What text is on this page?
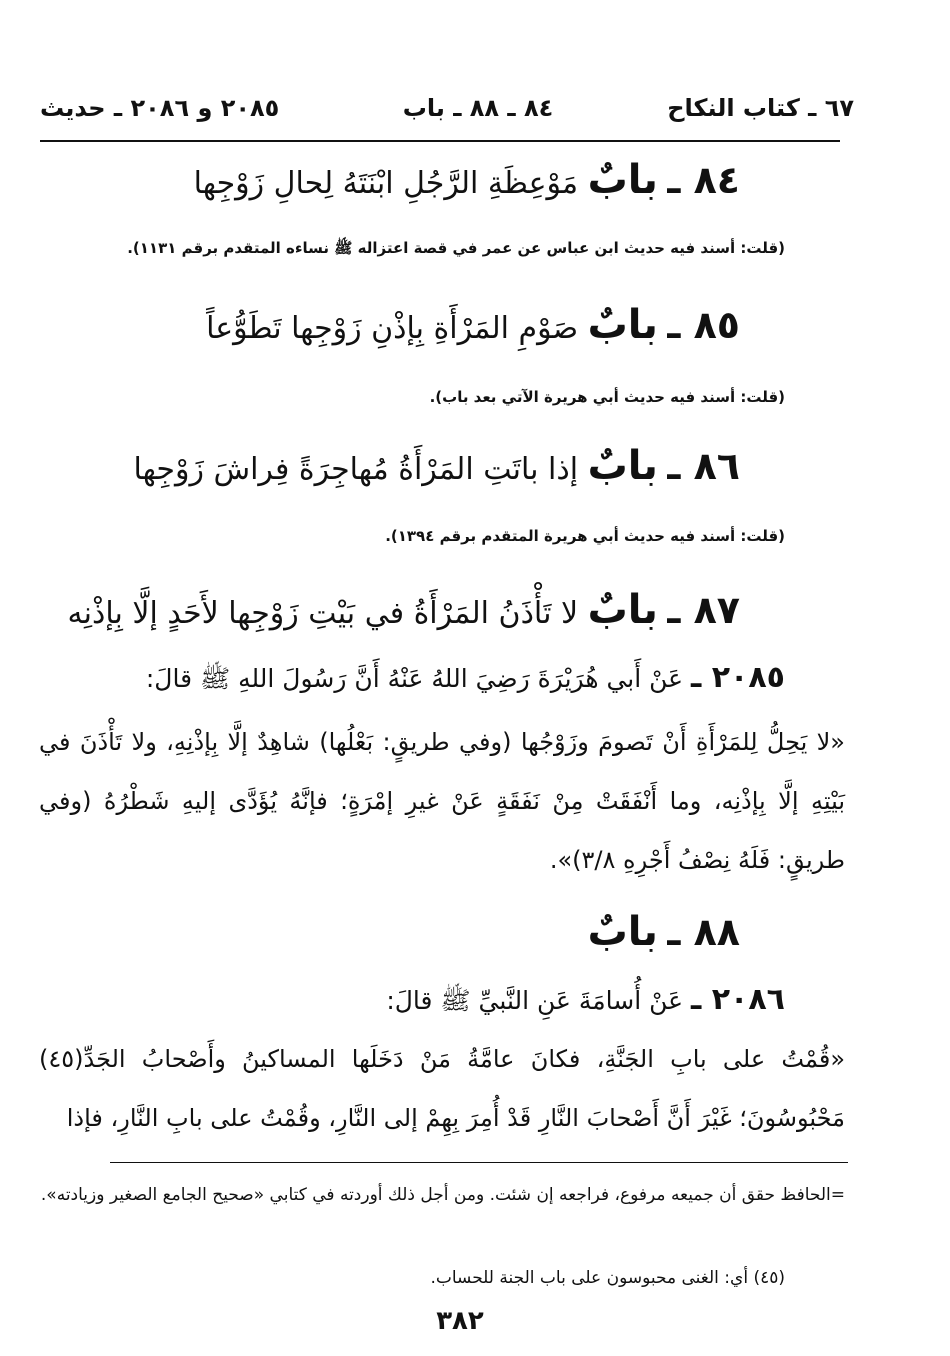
٦٧ ـ كتاب النكاح
٨٤ ـ ٨٨ ـ باب
٢٠٨٥ و ٢٠٨٦ ـ حديث
٨٤ ـ بابٌ مَوْعِظَةِ الرَّجُلِ ابْنَتَهُ لِحالِ زَوْجِها
(قلت: أسند فيه حديث ابن عباس عن عمر في قصة اعتزاله ﷺ نساءه المتقدم برقم ١١٣١).
٨٥ ـ بابٌ صَوْمِ المَرْأَةِ بِإذْنِ زَوْجِها تَطَوُّعاً
(قلت: أسند فيه حديث أبي هريرة الآتي بعد باب).
٨٦ ـ بابٌ إذا باتَتِ المَرْأَةُ مُهاجِرَةً فِراشَ زَوْجِها
(قلت: أسند فيه حديث أبي هريرة المتقدم برقم ١٣٩٤).
٨٧ ـ بابٌ لا تَأْذَنُ المَرْأَةُ في بَيْتِ زَوْجِها لأَحَدٍ إلَّا بِإذْنِه
٢٠٨٥ ـ عَنْ أَبي هُرَيْرَةَ رَضِيَ اللهُ عَنْهُ أَنَّ رَسُولَ اللهِ ﷺ قالَ:
«لا يَحِلُّ لِلمَرْأَةِ أَنْ تَصومَ وزَوْجُها (وفي طريقٍ: بَعْلُها) شاهِدٌ إلَّا بِإذْنِهِ، ولا تَأْذَنَ في بَيْتِهِ إلَّا بِإذْنِه، وما أَنْفَقَتْ مِنْ نَفَقَةٍ عَنْ غيرِ إمْرَةٍ؛ فإنَّهُ يُؤَدَّى إليهِ شَطْرُهُ (وفي طريقٍ: فَلَهُ نِصْفُ أَجْرِهِ ٣/٨)».
٨٨ ـ بابٌ
٢٠٨٦ ـ عَنْ أُسامَةَ عَنِ النَّبيِّ ﷺ قالَ:
«قُمْتُ على بابِ الجَنَّةِ، فكانَ عامَّةُ مَنْ دَخَلَها المساكينُ وأَصْحابُ الجَدِّ(٤٥) مَحْبُوسُونَ؛ غَيْرَ أَنَّ أَصْحابَ النَّارِ قَدْ أُمِرَ بِهِمْ إلى النَّارِ، وقُمْتُ على بابِ النَّارِ، فإذا
=الحافظ حقق أن جميعه مرفوع، فراجعه إن شئت. ومن أجل ذلك أوردته في كتابي «صحيح الجامع الصغير وزيادته».
(٤٥) أي: الغنى محبوسون على باب الجنة للحساب.
٣٨٢
